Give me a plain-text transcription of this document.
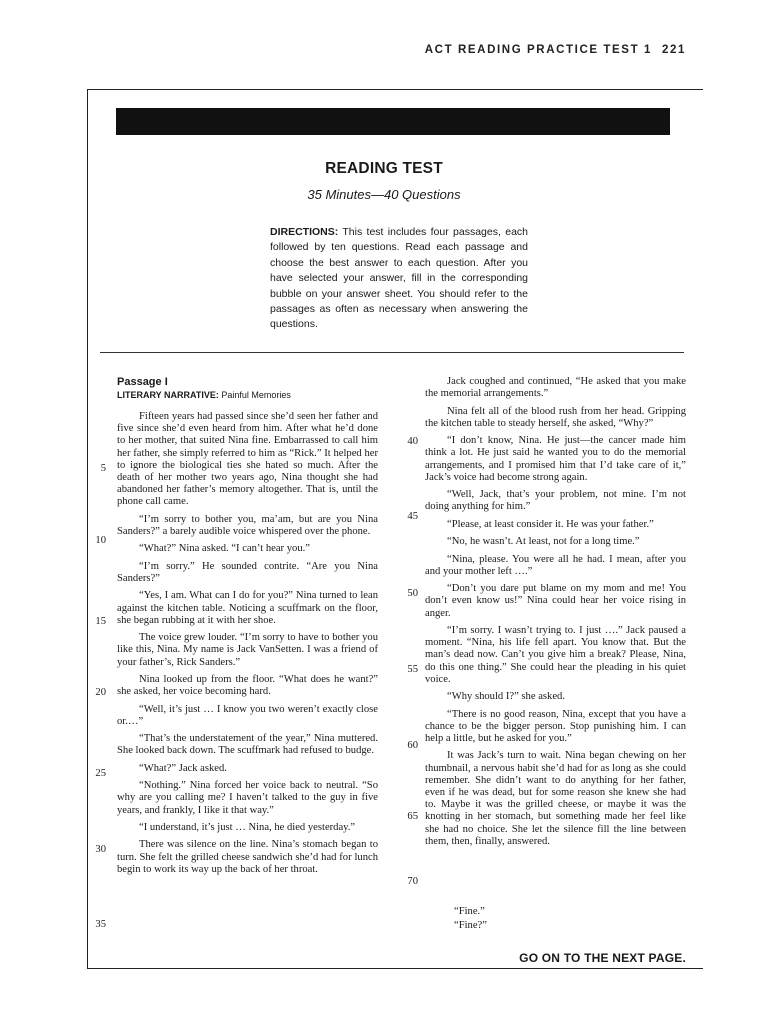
ACT READING PRACTICE TEST 1 221
READING TEST
35 Minutes—40 Questions
DIRECTIONS: This test includes four passages, each followed by ten questions. Read each passage and choose the best answer to each question. After you have selected your answer, fill in the corresponding bubble on your answer sheet. You should refer to the passages as often as necessary when answering the questions.
Passage I
LITERARY NARRATIVE: Painful Memories

Fifteen years had passed since she’d seen her father and five since she’d even heard from him. After what he’d done to her mother, that suited Nina fine. Embarrassed to call him her father, she simply referred to him as “Rick.” It helped her to ignore the biological ties she hated so much. After the death of her mother two years ago, Nina thought she had abandoned her father’s memory altogether. That is, until the phone call came.

“I’m sorry to bother you, ma’am, but are you Nina Sanders?” a barely audible voice whispered over the phone.

“What?” Nina asked. “I can’t hear you.”

“I’m sorry.” He sounded contrite. “Are you Nina Sanders?”

“Yes, I am. What can I do for you?” Nina turned to lean against the kitchen table. Noticing a scuffmark on the floor, she began rubbing at it with her shoe.

The voice grew louder. “I’m sorry to have to bother you like this, Nina. My name is Jack VanSetten. I was a friend of your father’s, Rick Sanders.”

Nina looked up from the floor. “What does he want?” she asked, her voice becoming hard.

“Well, it’s just … I know you two weren’t exactly close or.…”

“That’s the understatement of the year,” Nina muttered. She looked back down. The scuffmark had refused to budge.

“What?” Jack asked.

“Nothing.” Nina forced her voice back to neutral. “So why are you calling me? I haven’t talked to the guy in five years, and frankly, I like it that way.”

“I understand, it’s just … Nina, he died yesterday.”

There was silence on the line. Nina’s stomach began to turn. She felt the grilled cheese sandwich she’d had for lunch begin to work its way up the back of her throat.

Jack coughed and continued, “He asked that you make the memorial arrangements.”

Nina felt all of the blood rush from her head. Gripping the kitchen table to steady herself, she asked, “Why?”

“I don’t know, Nina. He just—the cancer made him think a lot. He just said he wanted you to do the memorial arrangements, and I promised him that I’d take care of it,” Jack’s voice had become strong again.

“Well, Jack, that’s your problem, not mine. I’m not doing anything for him.”

“Please, at least consider it. He was your father.”

“No, he wasn’t. At least, not for a long time.”

“Nina, please. You were all he had. I mean, after you and your mother left ….”

“Don’t you dare put blame on my mom and me! You don’t even know us!” Nina could hear her voice rising in anger.

“I’m sorry. I wasn’t trying to. I just ….” Jack paused a moment. “Nina, his life fell apart. You know that. But the man’s dead now. Can’t you give him a break? Please, Nina, do this one thing.” She could hear the pleading in his quiet voice.

“Why should I?” she asked.

“There is no good reason, Nina, except that you have a chance to be the bigger person. Stop punishing him. I can help a little, but he asked for you.”

It was Jack’s turn to wait. Nina began chewing on her thumbnail, a nervous habit she’d had for as long as she could remember. She didn’t want to do anything for her father, even if he was dead, but for some reason she knew she had to. Maybe it was the grilled cheese, or maybe it was the knotting in her stomach, but something made her feel like she had no choice. She let the silence fill the line between them, then, finally, answered.

5
10
15
20
25
30
35
40
45
50
55
60
65
70
“Fine.”
“Fine?”
GO ON TO THE NEXT PAGE.
